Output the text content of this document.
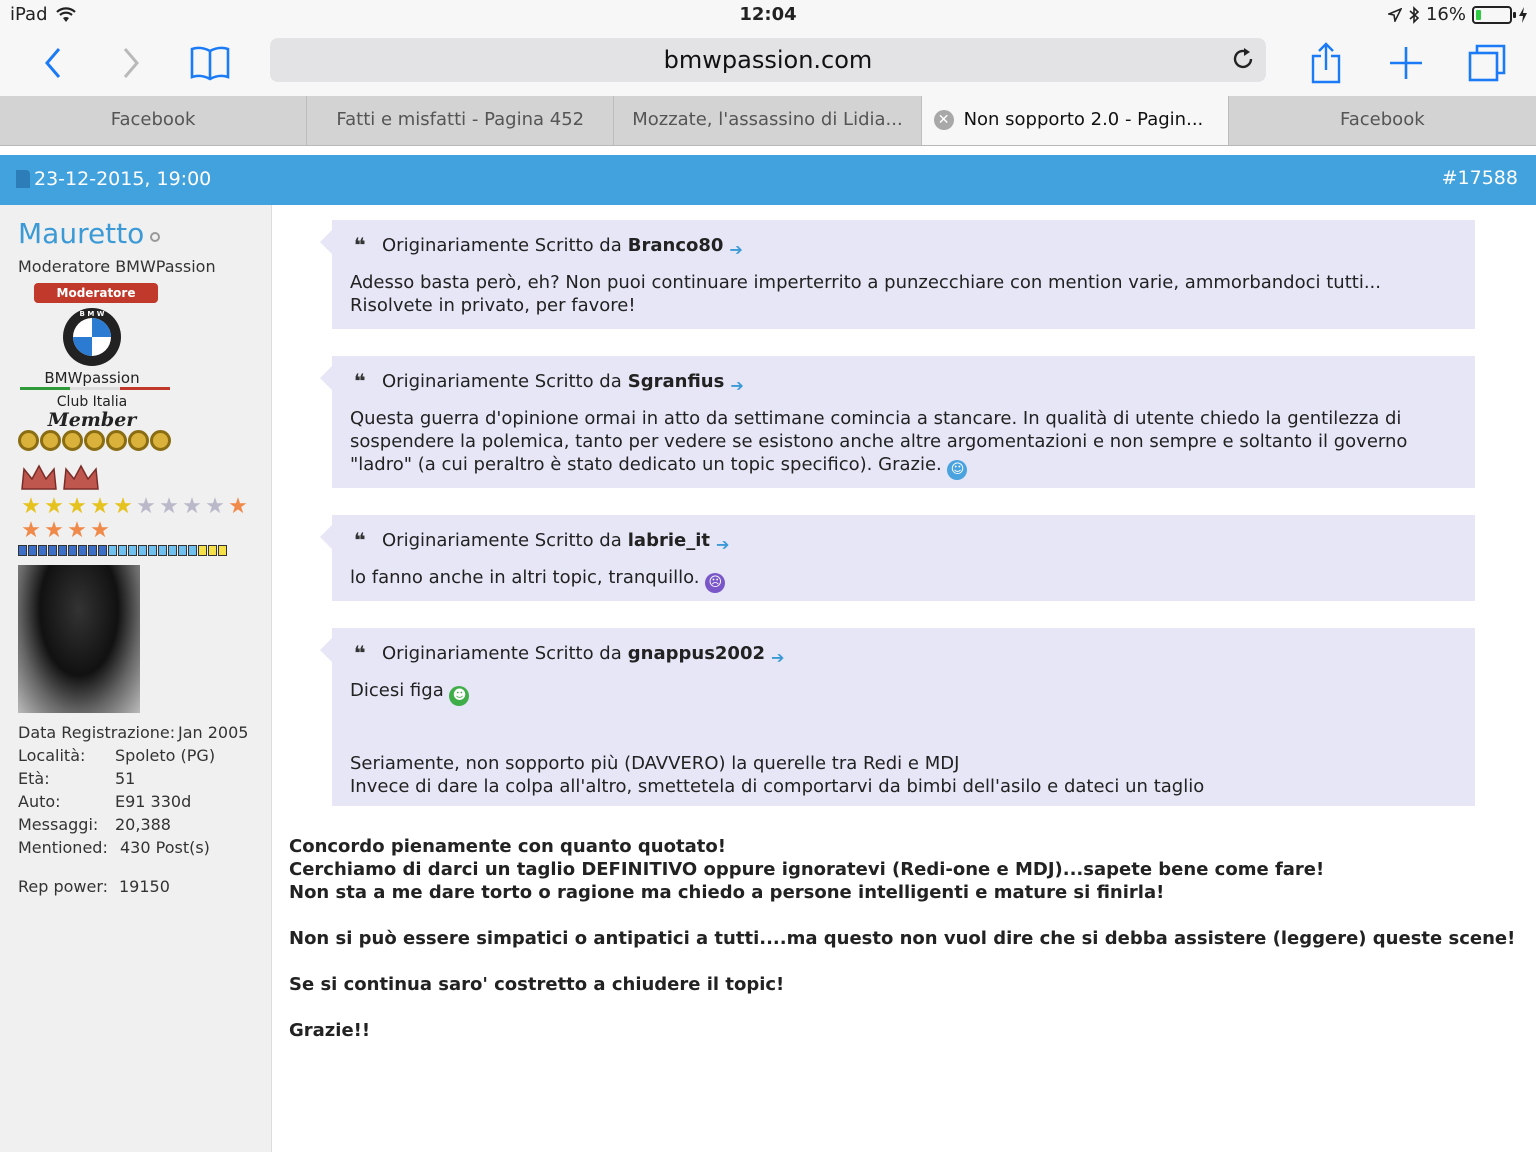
iPad	12:04	16%
bmwpassion.com
Facebook	Fatti e misfatti - Pagina 452	Mozzate, l'assassino di Lidia...	✕ Non sopporto 2.0 - Pagin...	Facebook
23-12-2015, 19:00	#17588
Mauretto
Moderatore BMWPassion
Moderatore
B M W
BMWpassion
Club Italia
Member
★ ★ ★ ★ ★ ★ ★ ★ ★ ★
★ ★ ★ ★
Data Registrazione: Jan 2005
Località:	Spoleto (PG)
Età:	51
Auto:	E91 330d
Messaggi:	20,388
Mentioned: 430 Post(s)
Rep power: 19150
❝ Originariamente Scritto da Branco80 ➔
Adesso basta però, eh? Non puoi continuare imperterrito a punzecchiare con mention varie, ammorbandoci tutti... Risolvete in privato, per favore!
❝ Originariamente Scritto da Sgranfius ➔
Questa guerra d'opinione ormai in atto da settimane comincia a stancare. In qualità di utente chiedo la gentilezza di sospendere la polemica, tanto per vedere se esistono anche altre argomentazioni e non sempre e soltanto il governo "ladro" (a cui peraltro è stato dedicato un topic specifico). Grazie. ☺
❝ Originariamente Scritto da labrie_it ➔
lo fanno anche in altri topic, tranquillo. ☹
❝ Originariamente Scritto da gnappus2002 ➔
Dicesi figa ☻
Seriamente, non sopporto più (DAVVERO) la querelle tra Redi e MDJ
Invece di dare la colpa all'altro, smettetela di comportarvi da bimbi dell'asilo e dateci un taglio

Concordo pienamente con quanto quotato!

Cerchiamo di darci un taglio DEFINITIVO oppure ignoratevi (Redi-one e MDJ)...sapete bene come fare!

Non sta a me dare torto o ragione ma chiedo a persone intelligenti e mature si finirla!

Non si può essere simpatici o antipatici a tutti....ma questo non vuol dire che si debba assistere (leggere) queste scene!

Se si continua saro' costretto a chiudere il topic!

Grazie!!
